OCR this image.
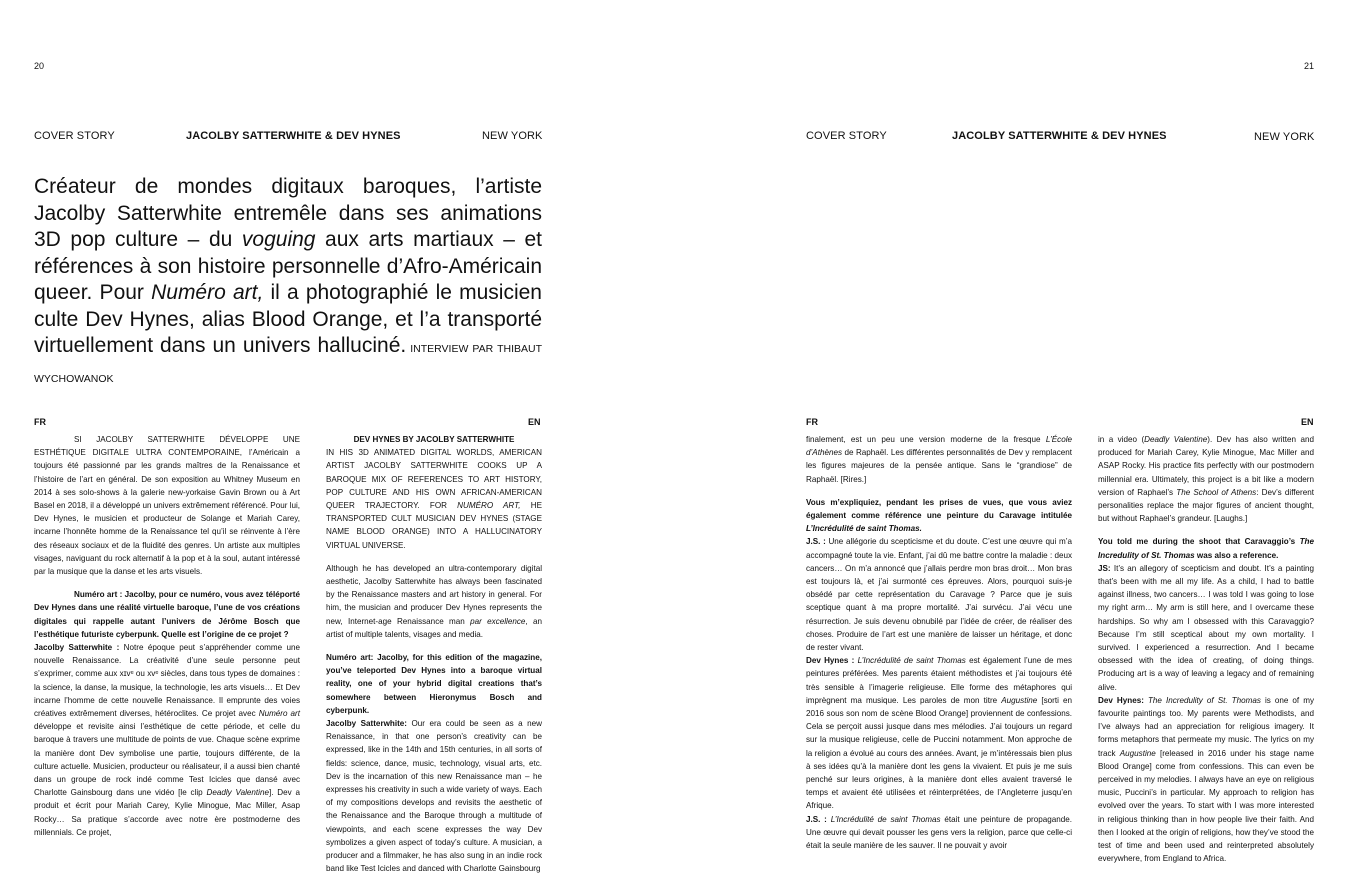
20
COVER STORY	JACOLBY SATTERWHITE & DEV HYNES	NEW YORK
Créateur de mondes digitaux baroques, l’artiste Jacolby Satterwhite entremêle dans ses animations 3D pop culture – du voguing aux arts martiaux – et références à son histoire personnelle d’Afro-Américain queer. Pour Numéro art, il a photographié le musicien culte Dev Hynes, alias Blood Orange, et l’a transporté virtuellement dans un univers halluciné. INTERVIEW PAR THIBAUT WYCHOWANOK
FR	EN

SI JACOLBY SATTERWHITE DÉVELOPPE UNE ESTHÉTIQUE DIGITALE ULTRA CONTEMPORAINE, l’Américain a toujours été passionné par les grands maîtres de la Renaissance et l’histoire de l’art en général. De son exposition au Whitney Museum en 2014 à ses solo-shows à la galerie new-yorkaise Gavin Brown ou à Art Basel en 2018, il a développé un univers extrêmement référencé. Pour lui, Dev Hynes, le musicien et producteur de Solange et Mariah Carey, incarne l’honnête homme de la Renaissance tel qu’il se réinvente à l’ère des réseaux sociaux et de la fluidité des genres. Un artiste aux multiples visages, naviguant du rock alternatif à la pop et à la soul, autant intéressé par la musique que la danse et les arts visuels.

Numéro art : Jacolby, pour ce numéro, vous avez téléporté Dev Hynes dans une réalité virtuelle baroque, l’une de vos créations digitales qui rappelle autant l’univers de Jérôme Bosch que l’esthétique futuriste cyberpunk. Quelle est l’origine de ce projet ?

Jacolby Satterwhite : Notre époque peut s’appréhender comme une nouvelle Renaissance. La créativité d’une seule personne peut s’exprimer, comme aux xɪvᵉ ou xᴠᵉ siècles, dans tous types de domaines : la science, la danse, la musique, la technologie, les arts visuels… Et Dev incarne l’homme de cette nouvelle Renaissance. Il emprunte des voies créatives extrêmement diverses, hétéroclites. Ce projet avec Numéro art développe et revisite ainsi l’esthétique de cette période, et celle du baroque à travers une multitude de points de vue. Chaque scène exprime la manière dont Dev symbolise une partie, toujours différente, de la culture actuelle. Musicien, producteur ou réalisateur, il a aussi bien chanté dans un groupe de rock indé comme Test Icicles que dansé avec Charlotte Gainsbourg dans une vidéo [le clip Deadly Valentine]. Dev a produit et écrit pour Mariah Carey, Kylie Minogue, Mac Miller, Asap Rocky… Sa pratique s’accorde avec notre ère postmoderne des millennials. Ce projet,

DEV HYNES BY JACOLBY SATTERWHITE

IN HIS 3D ANIMATED DIGITAL WORLDS, AMERICAN ARTIST JACOLBY SATTERWHITE COOKS UP A BAROQUE MIX OF REFERENCES TO ART HISTORY, POP CULTURE AND HIS OWN AFRICAN-AMERICAN QUEER TRAJECTORY. FOR NUMÉRO ART, HE TRANSPORTED CULT MUSICIAN DEV HYNES (STAGE NAME BLOOD ORANGE) INTO A HALLUCINATORY VIRTUAL UNIVERSE.

Although he has developed an ultra-contemporary digital aesthetic, Jacolby Satterwhite has always been fascinated by the Renaissance masters and art history in general. For him, the musician and producer Dev Hynes represents the new, Internet-age Renaissance man par excellence, an artist of multiple talents, visages and media.

Numéro art: Jacolby, for this edition of the magazine, you’ve teleported Dev Hynes into a baroque virtual reality, one of your hybrid digital creations that’s somewhere between Hieronymus Bosch and cyberpunk.

Jacolby Satterwhite: Our era could be seen as a new Renaissance, in that one person’s creativity can be expressed, like in the 14th and 15th centuries, in all sorts of fields: science, dance, music, technology, visual arts, etc. Dev is the incarnation of this new Renaissance man – he expresses his creativity in such a wide variety of ways. Each of my compositions develops and revisits the aesthetic of the Renaissance and the Baroque through a multitude of viewpoints, and each scene expresses the way Dev symbolizes a given aspect of today’s culture. A musician, a producer and a filmmaker, he has also sung in an indie rock band like Test Icicles and danced with Charlotte Gainsbourg

21
COVER STORY	JACOLBY SATTERWHITE & DEV HYNES	NEW YORK
FR	EN

finalement, est un peu une version moderne de la fresque L’École d’Athènes de Raphaël. Les différentes personnalités de Dev y remplacent les figures majeures de la pensée antique. Sans le “grandiose” de Raphaël. [Rires.]

Vous m’expliquiez, pendant les prises de vues, que vous aviez également comme référence une peinture du Caravage intitulée L’Incrédulité de saint Thomas.

J.S. : Une allégorie du scepticisme et du doute. C’est une œuvre qui m’a accompagné toute la vie. Enfant, j’ai dû me battre contre la maladie : deux cancers… On m’a annoncé que j’allais perdre mon bras droit… Mon bras est toujours là, et j’ai surmonté ces épreuves. Alors, pourquoi suis-je obsédé par cette représentation du Caravage ? Parce que je suis sceptique quant à ma propre mortalité. J’ai survécu. J’ai vécu une résurrection. Je suis devenu obnubilé par l’idée de créer, de réaliser des choses. Produire de l’art est une manière de laisser un héritage, et donc de rester vivant.

Dev Hynes : L’Incrédulité de saint Thomas est également l’une de mes peintures préférées. Mes parents étaient méthodistes et j’ai toujours été très sensible à l’imagerie religieuse. Elle forme des métaphores qui imprègnent ma musique. Les paroles de mon titre Augustine [sorti en 2016 sous son nom de scène Blood Orange] proviennent de confessions. Cela se perçoit aussi jusque dans mes mélodies. J’ai toujours un regard sur la musique religieuse, celle de Puccini notamment. Mon approche de la religion a évolué au cours des années. Avant, je m’intéressais bien plus à ses idées qu’à la manière dont les gens la vivaient. Et puis je me suis penché sur leurs origines, à la manière dont elles avaient traversé le temps et avaient été utilisées et réinterprétées, de l’Angleterre jusqu’en Afrique.

J.S. : L’Incrédulité de saint Thomas était une peinture de propagande. Une œuvre qui devait pousser les gens vers la religion, parce que celle-ci était la seule manière de les sauver. Il ne pouvait y avoir

in a video (Deadly Valentine). Dev has also written and produced for Mariah Carey, Kylie Minogue, Mac Miller and ASAP Rocky. His practice fits perfectly with our postmodern millennial era. Ultimately, this project is a bit like a modern version of Raphael’s The School of Athens: Dev’s different personalities replace the major figures of ancient thought, but without Raphael’s grandeur. [Laughs.]

You told me during the shoot that Caravaggio’s The Incredulity of St. Thomas was also a reference.

JS: It’s an allegory of scepticism and doubt. It’s a painting that’s been with me all my life. As a child, I had to battle against illness, two cancers… I was told I was going to lose my right arm… My arm is still here, and I overcame these hardships. So why am I obsessed with this Caravaggio? Because I’m still sceptical about my own mortality. I survived. I experienced a resurrection. And I became obsessed with the idea of creating, of doing things. Producing art is a way of leaving a legacy and of remaining alive.

Dev Hynes: The Incredulity of St. Thomas is one of my favourite paintings too. My parents were Methodists, and I’ve always had an appreciation for religious imagery. It forms metaphors that permeate my music. The lyrics on my track Augustine [released in 2016 under his stage name Blood Orange] come from confessions. This can even be perceived in my melodies. I always have an eye on religious music, Puccini’s in particular. My approach to religion has evolved over the years. To start with I was more interested in religious thinking than in how people live their faith. And then I looked at the origin of religions, how they’ve stood the test of time and been used and reinterpreted absolutely everywhere, from England to Africa.
